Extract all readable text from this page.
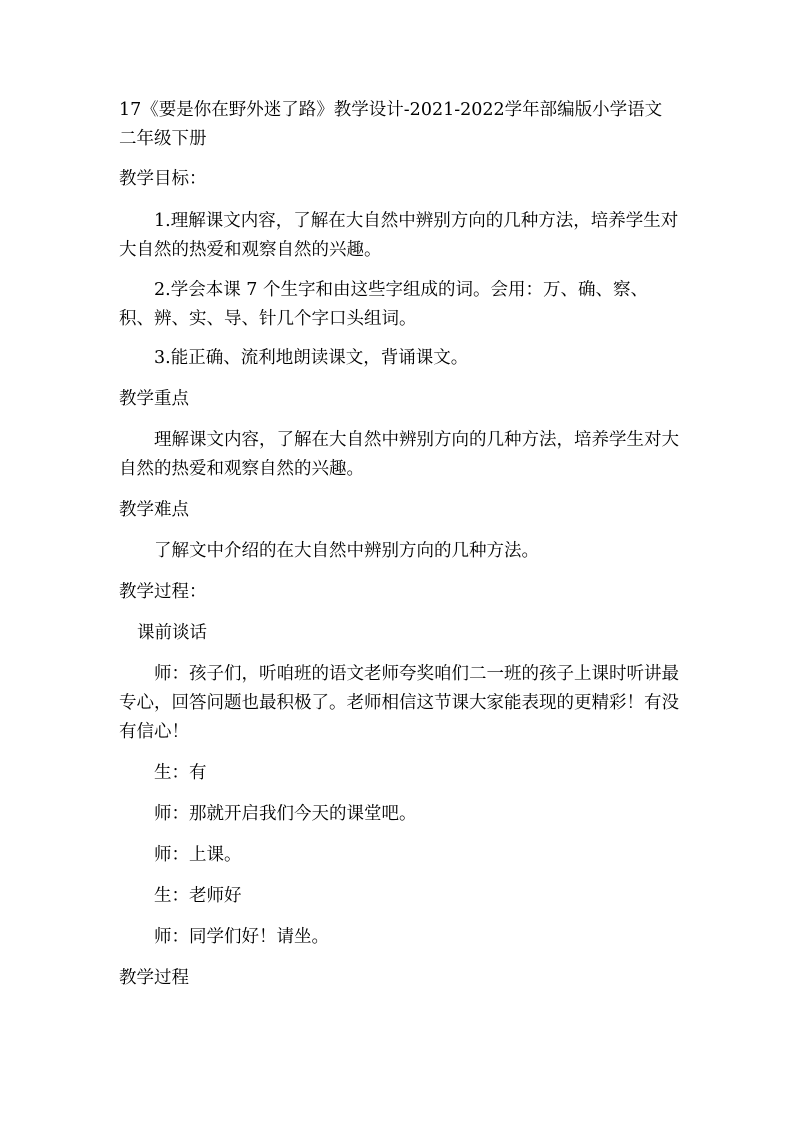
17《要是你在野外迷了路》教学设计-2021-2022学年部编版小学语文二年级下册

教学目标：

1.理解课文内容，了解在大自然中辨别方向的几种方法，培养学生对大自然的热爱和观察自然的兴趣。

2.学会本课 7 个生字和由这些字组成的词。会用：万、确、察、积、辨、实、导、针几个字口头组词。

3.能正确、流利地朗读课文，背诵课文。

教学重点

理解课文内容，了解在大自然中辨别方向的几种方法，培养学生对大自然的热爱和观察自然的兴趣。

教学难点

了解文中介绍的在大自然中辨别方向的几种方法。

教学过程：

课前谈话

师：孩子们，听咱班的语文老师夸奖咱们二一班的孩子上课时听讲最专心，回答问题也最积极了。老师相信这节课大家能表现的更精彩！有没有信心！

生：有

师：那就开启我们今天的课堂吧。

师：上课。

生：老师好

师：同学们好！请坐。

教学过程
